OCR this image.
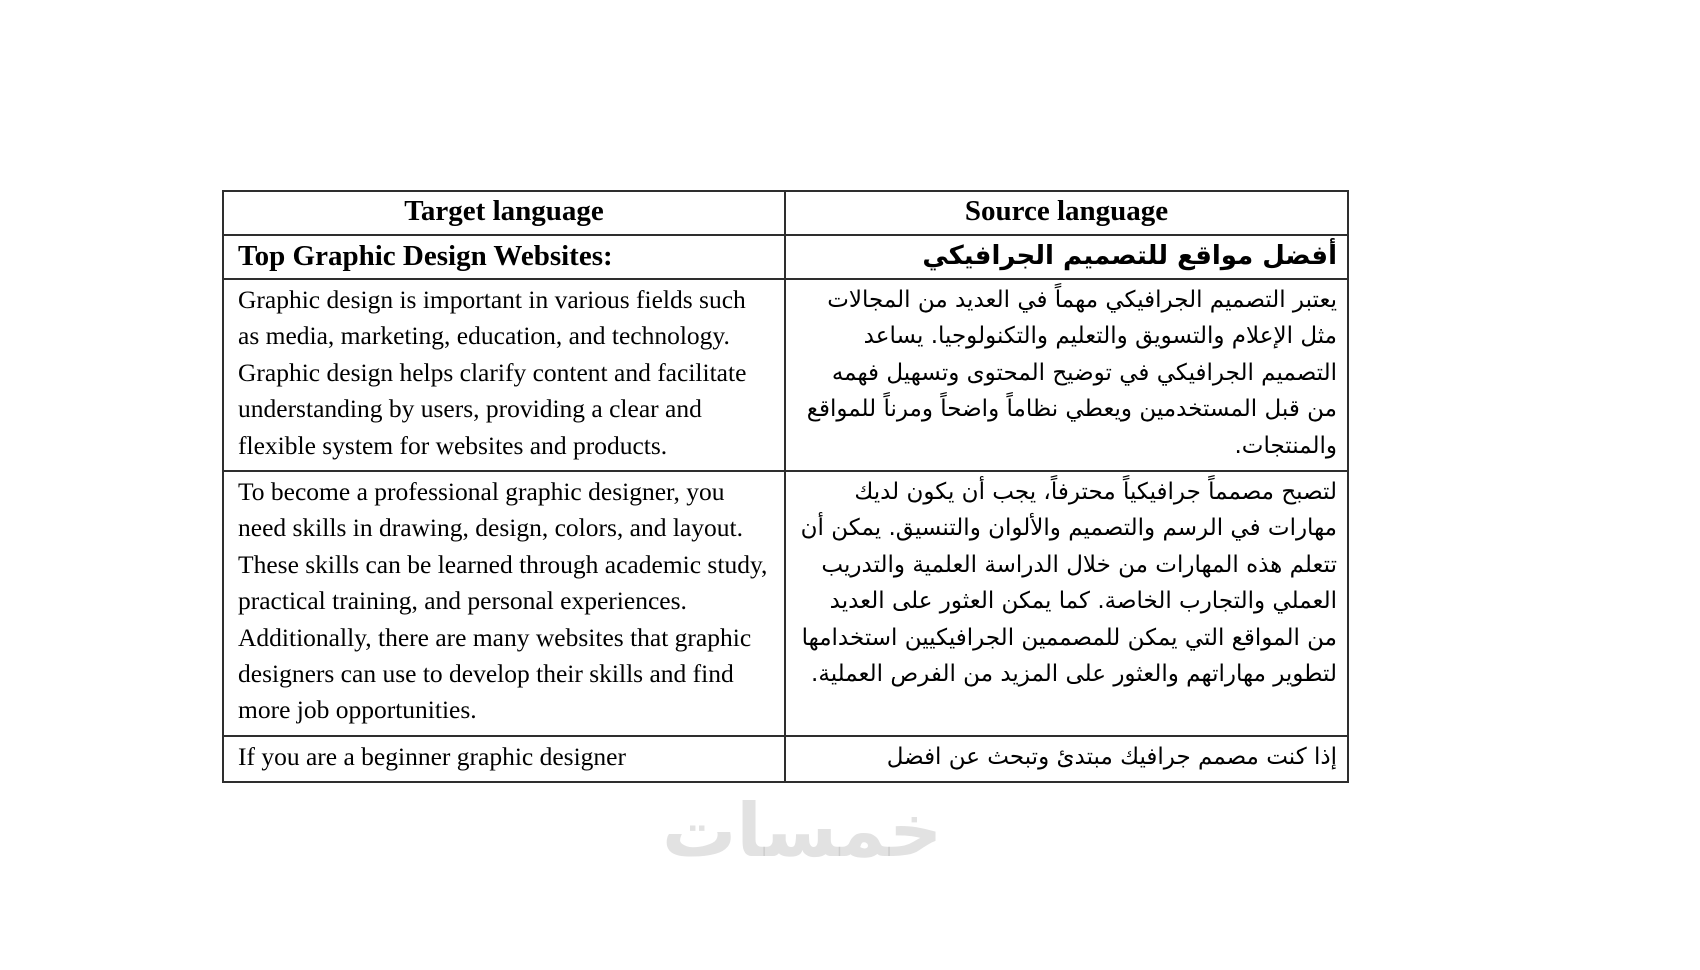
Target language	Source language
Top Graphic Design Websites:	أفضل مواقع للتصميم الجرافيكي
Graphic design is important in various fields such as media, marketing, education, and technology. Graphic design helps clarify content and facilitate understanding by users, providing a clear and flexible system for websites and products.	يعتبر التصميم الجرافيكي مهماً في العديد من المجالات مثل الإعلام والتسويق والتعليم والتكنولوجيا. يساعد التصميم الجرافيكي في توضيح المحتوى وتسهيل فهمه من قبل المستخدمين ويعطي نظاماً واضحاً ومرناً للمواقع والمنتجات.
To become a professional graphic designer, you need skills in drawing, design, colors, and layout. These skills can be learned through academic study, practical training, and personal experiences. Additionally, there are many websites that graphic designers can use to develop their skills and find more job opportunities.	لتصبح مصمماً جرافيكياً محترفاً، يجب أن يكون لديك مهارات في الرسم والتصميم والألوان والتنسيق. يمكن أن تتعلم هذه المهارات من خلال الدراسة العلمية والتدريب العملي والتجارب الخاصة. كما يمكن العثور على العديد من المواقع التي يمكن للمصممين الجرافيكيين استخدامها لتطوير مهاراتهم والعثور على المزيد من الفرص العملية.
If you are a beginner graphic designer	إذا كنت مصمم جرافيك مبتدئ وتبحث عن افضل
خمسات
